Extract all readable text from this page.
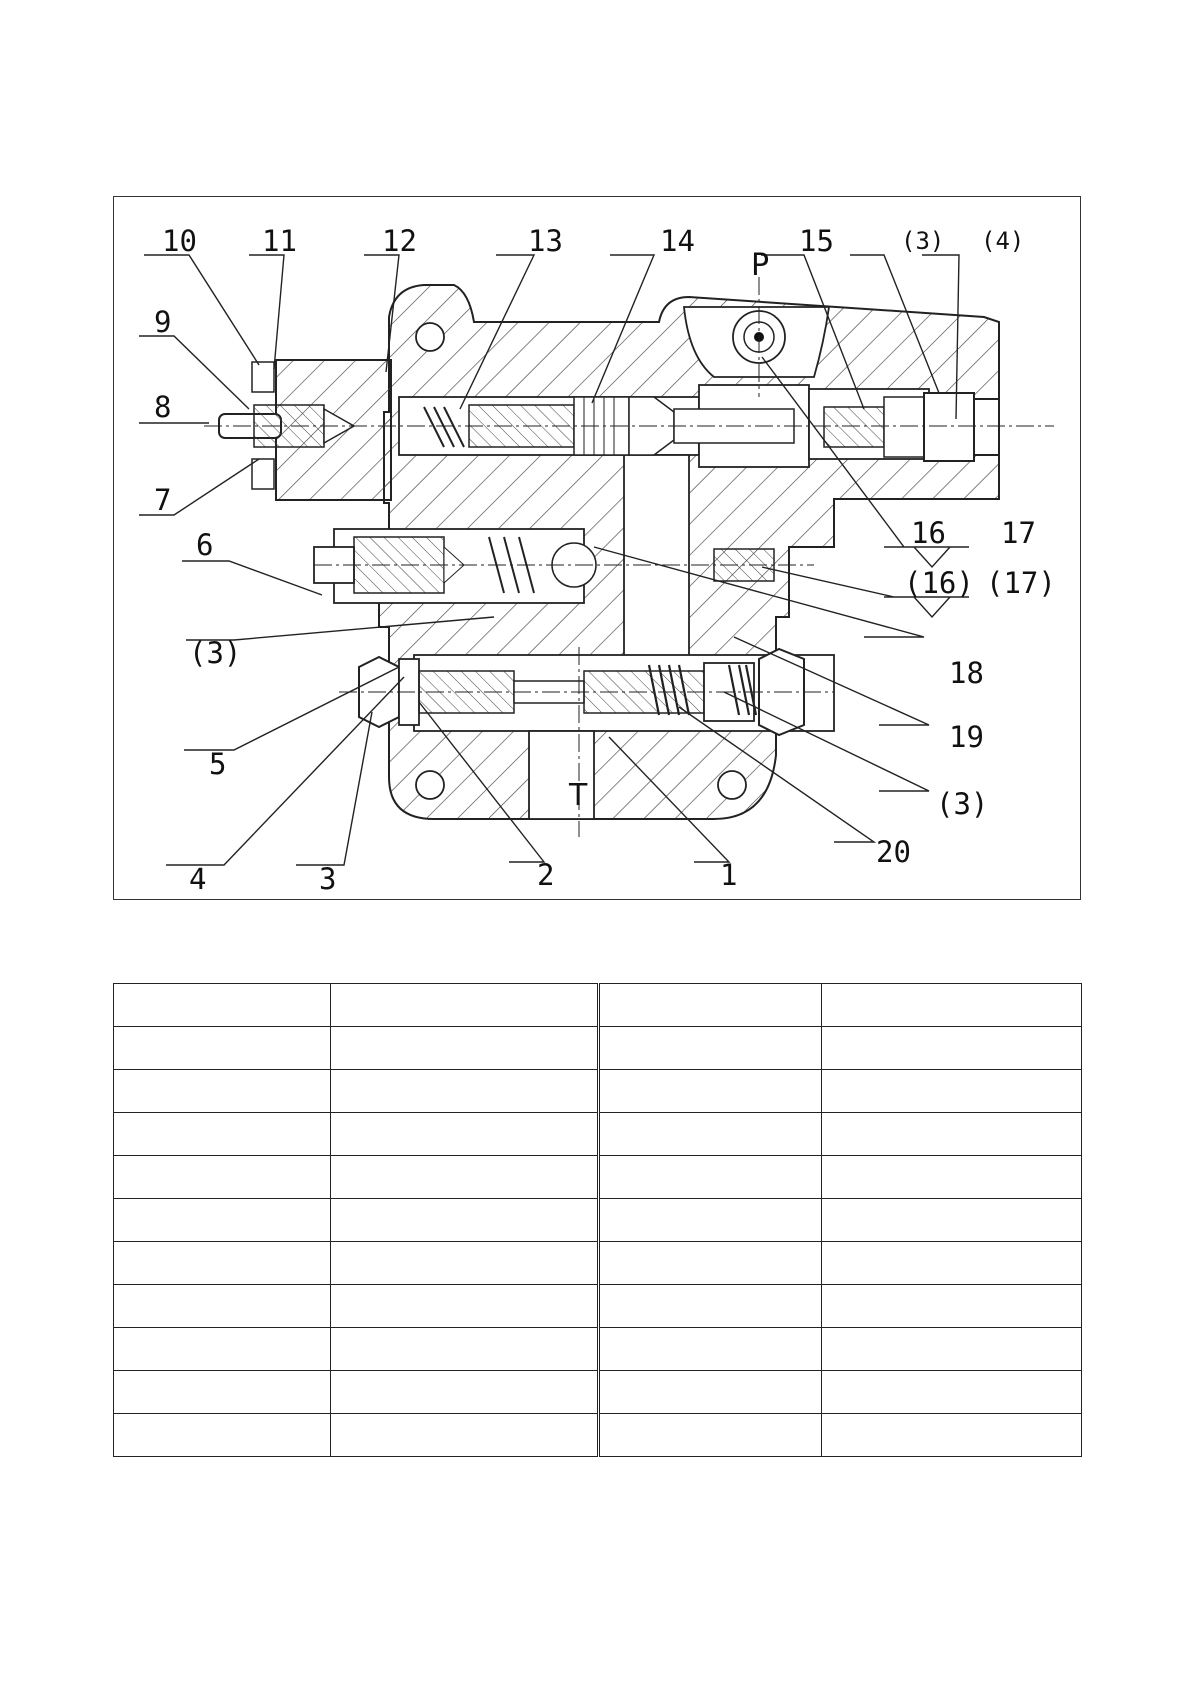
10 11	12	13	14	15	(3) (4)
9
8
7
6
(3)
16 17
(16) (17)
18
19
(3)
5
4	3	2	1
20
P
T
